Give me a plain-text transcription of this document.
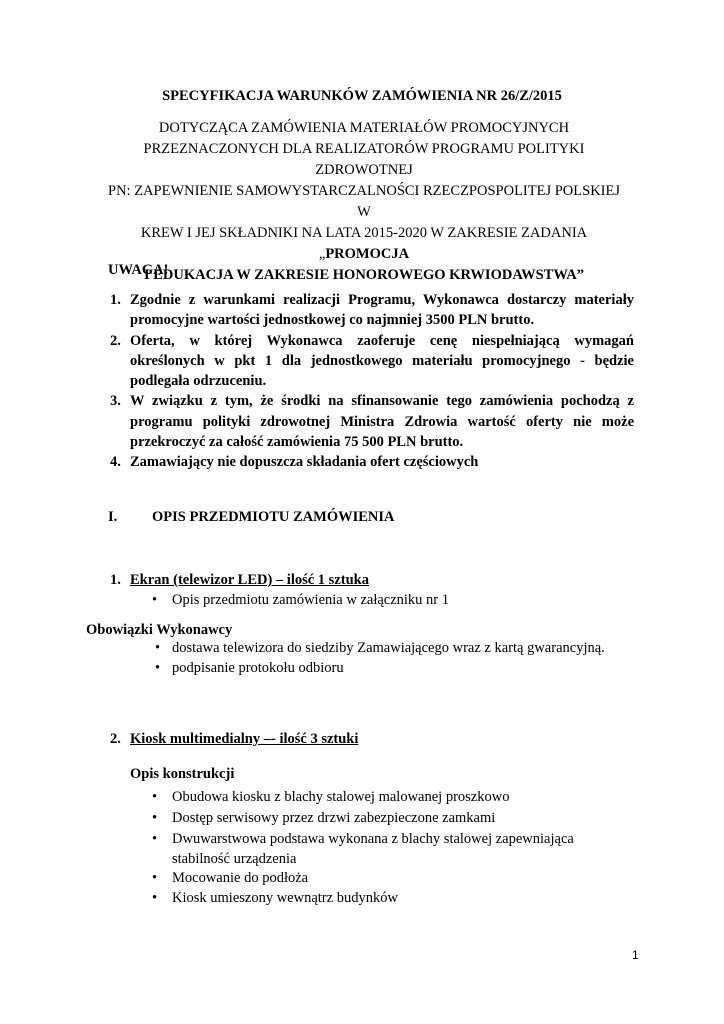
SPECYFIKACJA WARUNKÓW ZAMÓWIENIA NR 26/Z/2015
DOTYCZĄCA ZAMÓWIENIA MATERIAŁÓW PROMOCYJNYCH
PRZEZNACZONYCH DLA REALIZATORÓW PROGRAMU POLITYKI ZDROWOTNEJ
PN: ZAPEWNIENIE SAMOWYSTARCZALNOŚCI RZECZPOSPOLITEJ POLSKIEJ W
KREW I JEJ SKŁADNIKI NA LATA 2015-2020 W ZAKRESIE ZADANIA „PROMOCJA
I EDUKACJA W ZAKRESIE HONOROWEGO KRWIODAWSTWA”
UWAGA!
1. Zgodnie z warunkami realizacji Programu, Wykonawca dostarczy materiały promocyjne wartości jednostkowej co najmniej 3500 PLN brutto.
2. Oferta, w której Wykonawca zaoferuje cenę niespełniającą wymagań określonych w pkt 1 dla jednostkowego materiału promocyjnego - będzie podlegała odrzuceniu.
3. W związku z tym, że środki na sfinansowanie tego zamówienia pochodzą z programu polityki zdrowotnej Ministra Zdrowia wartość oferty nie może przekroczyć za całość zamówienia 75 500 PLN brutto.
4. Zamawiający nie dopuszcza składania ofert częściowych
I. OPIS PRZEDMIOTU ZAMÓWIENIA
1. Ekran (telewizor LED) – ilość 1 sztuka
•	Opis przedmiotu zamówienia w załączniku nr 1
Obowiązki Wykonawcy
• dostawa telewizora do siedziby Zamawiającego wraz z kartą gwarancyjną.
• podpisanie protokołu odbioru
2. Kiosk multimedialny –- ilość 3 sztuki
Opis konstrukcji
•	Obudowa kiosku z blachy stalowej malowanej proszkowo
•	Dostęp serwisowy przez drzwi zabezpieczone zamkami
•	Dwuwarstwowa podstawa wykonana z blachy stalowej zapewniająca
stabilność urządzenia
•	Mocowanie do podłoża
•	Kiosk umieszony wewnątrz budynków
1
